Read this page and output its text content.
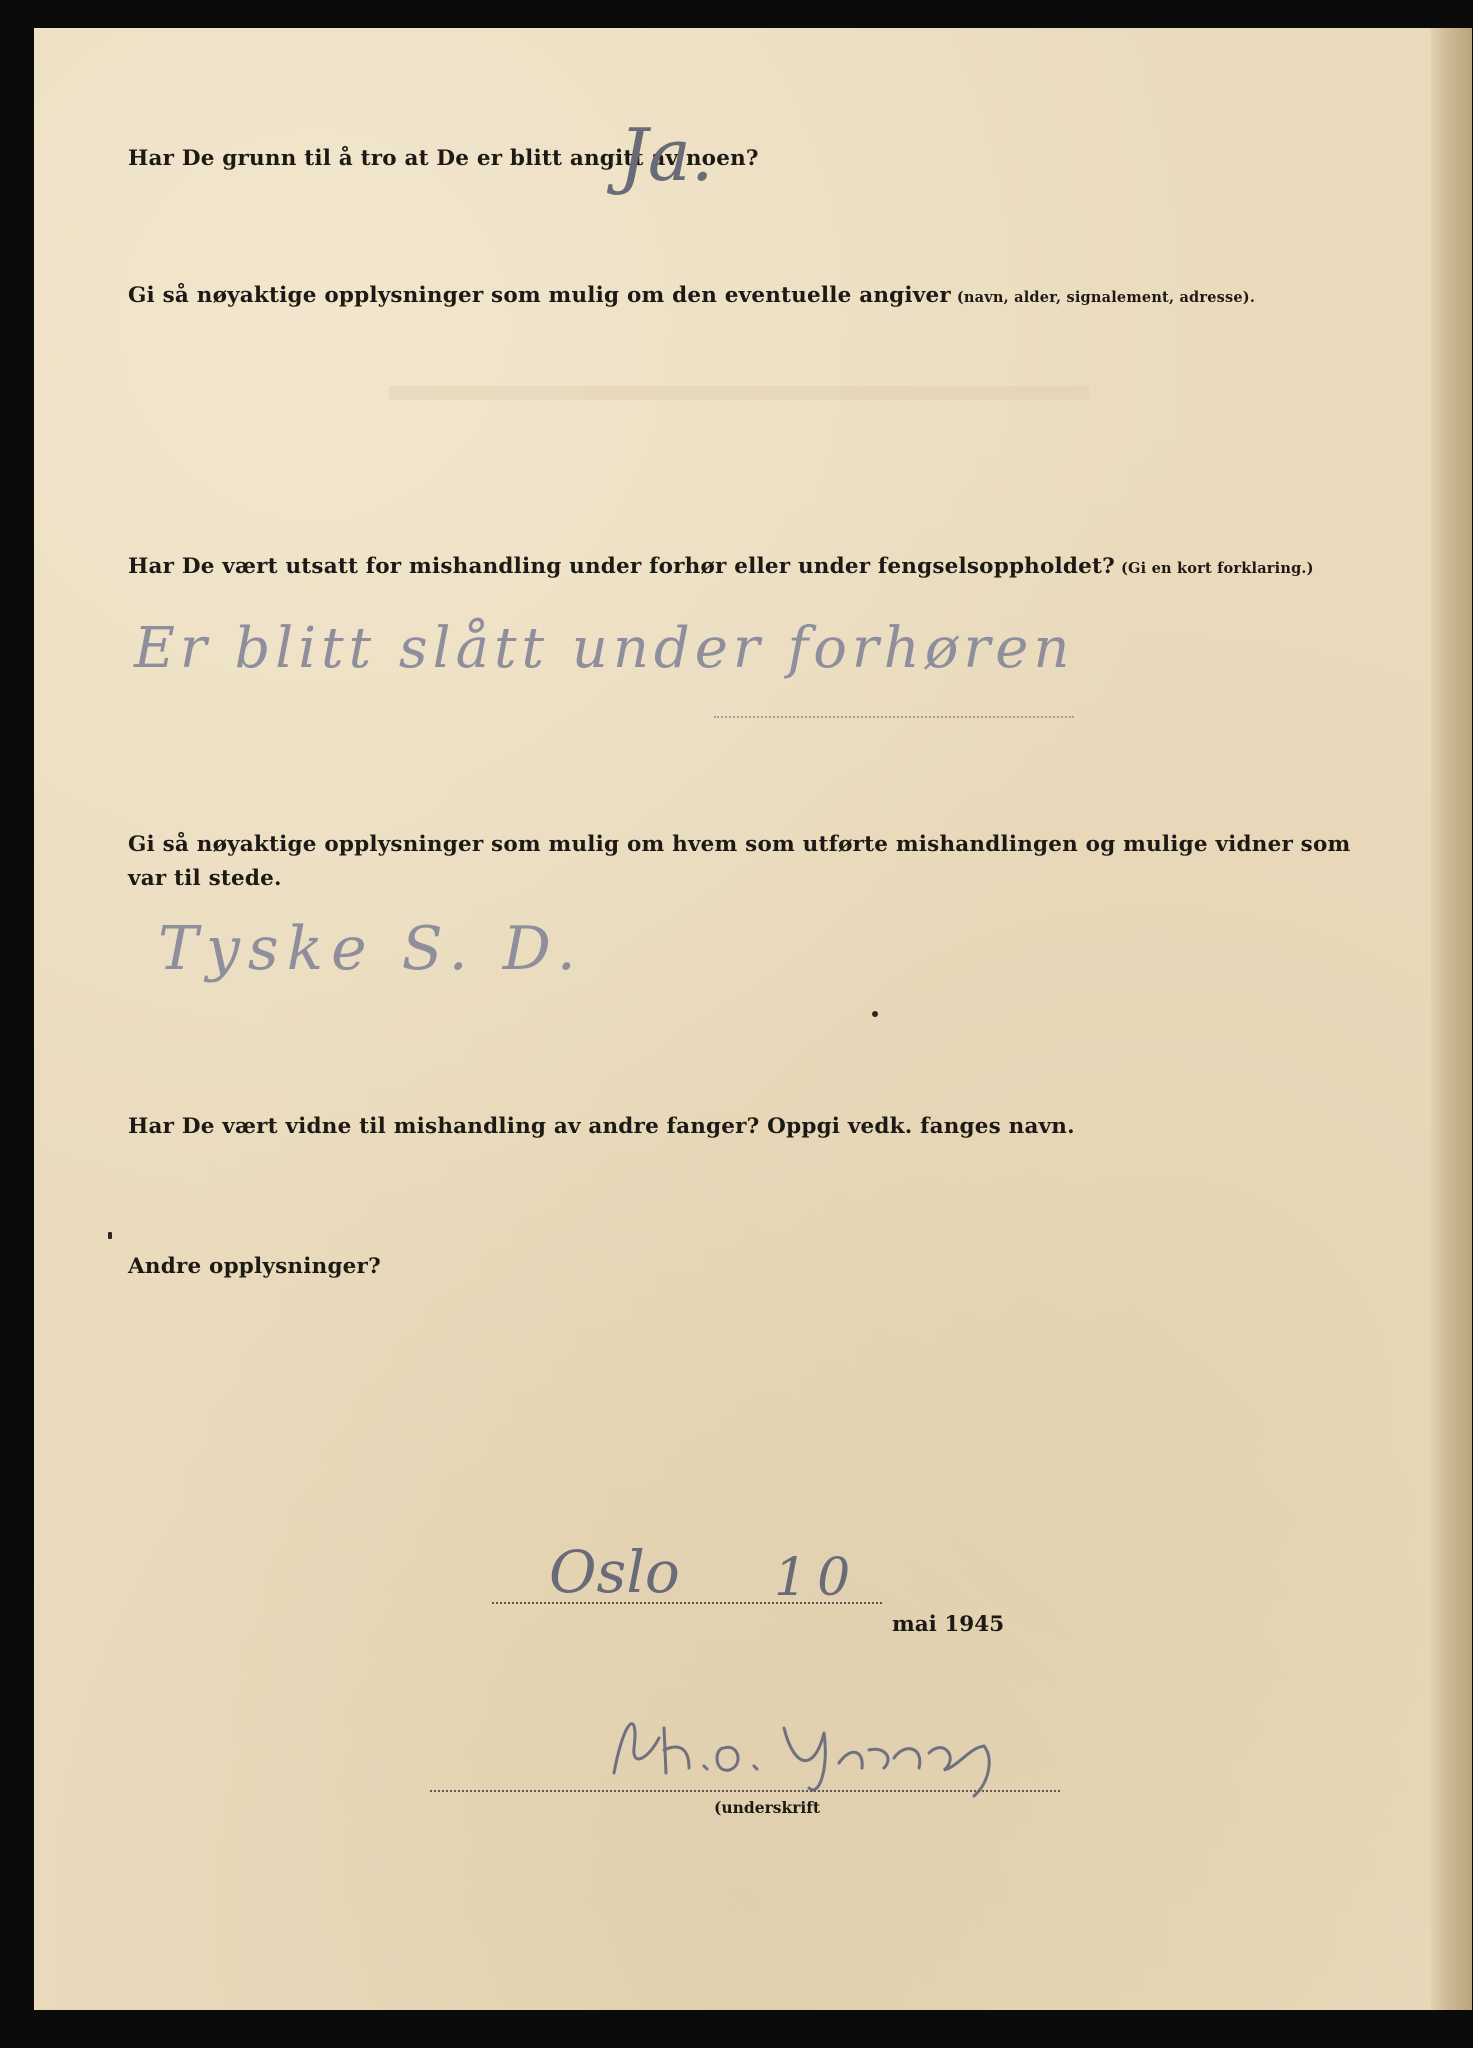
Har De grunn til å tro at De er blitt angitt av noen?
Ja.
Gi så nøyaktige opplysninger som mulig om den eventuelle angiver (navn, alder, signalement, adresse).
Har De vært utsatt for mishandling under forhør eller under fengselsoppholdet? (Gi en kort forklaring.)
Er blitt slått under forhøren
Gi så nøyaktige opplysninger som mulig om hvem som utførte mishandlingen og mulige vidner som var til stede.
Tyske S. D.
Har De vært vidne til mishandling av andre fanger? Oppgi vedk. fanges navn.
Andre opplysninger?
Oslo 10
mai 1945
(underskrift
